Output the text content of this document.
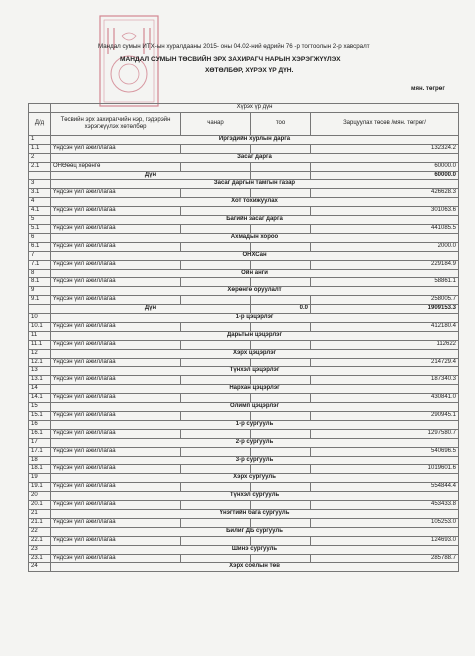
Мандал сумын ИТХ-ын хуралдааны 2015- оны 04.02-ний өдрийн 76 -р тогтоолын 2-р хавсралт
МАНДАЛ СУМЫН ТӨСВИЙН ЭРХ ЗАХИРАГЧ НАРЫН ХЭРЭГЖҮҮЛЭХ
ХӨТӨЛБӨР, ХҮРЭХ ҮР ДҮН.
мян. төгрөг
	Хүрэх үр дүн			
Д/д	Төсвийн эрх захирагчийн нэр, гэдэрэйн хэрэгжүүлэх хөтөлбөр	чанар	тоо	Зарцуулах төсөв /мян. төгрөг/
1	Иргэдийн хурлын дарга			
1.1	Үндсэн үйл ажиллагаа			132324.2
2	Засаг дарга			
2.1	ОНӨөөц хөрөнгө			60000.0
	Дүн			60000.0
3	Засаг даргын тамгын газар			
3.1	Үндсэн үйл ажиллагаа			426628.3
4	Хот тохижуулах			
4.1	Үндсэн үйл ажиллагаа			301063.6
5	Багийн засаг дарга			
5.1	Үндсэн үйл ажиллагаа			441085.5
6	Ахмадын хороо			
6.1	Үндсэн үйл ажиллагаа			2000.0
7	ОНХСан			
7.1	Үндсэн үйл ажиллагаа			229184.9
8	Ойн анги			
8.1	Үндсэн үйл ажиллагаа			58861.1
9	Хөрөнгө оруулалт			
9.1	Үндсэн үйл ажиллагаа			258005.7
	Дүн		0.0	1909153.3
10	1-р цэцэрлэг			
10.1	Үндсэн үйл ажиллагаа			412180.4
11	Дарьтын цэцэрлэг			
11.1	Үндсэн үйл ажиллагаа			112622
12	Хэрх цэцэрлэг			
12.1	Үндсэн үйл ажиллагаа			214729.4
13	Түнхэл цэцэрлэг			
13.1	Үндсэн үйл ажиллагаа			187340.3
14	Нархан цэцэрлэг			
14.1	Үндсэн үйл ажиллагаа			430841.0
15	Олимп цэцэрлэг			
15.1	Үндсэн үйл ажиллагаа			290945.1
16	1-р сургууль			
16.1	Үндсэн үйл ажиллагаа			1297580.7
17	2-р сургууль			
17.1	Үндсэн үйл ажиллагаа			540696.5
18	3-р сургууль			
18.1	Үндсэн үйл ажиллагаа			1019601.6
19	Хэрх сургууль			
19.1	Үндсэн үйл ажиллагаа			554844.4
20	Түнхэл сургууль			
20.1	Үндсэн үйл ажиллагаа			453433.8
21	Үнэгтийн бага сургууль			
21.1	Үндсэн үйл ажиллагаа			105253.0
22	Билиг ДБ сургууль			
22.1	Үндсэн үйл ажиллагаа			124693.0
23	Шинэ сургууль			
23.1	Үндсэн үйл ажиллагаа			285788.7
24	Хэрх соёлын төв			
